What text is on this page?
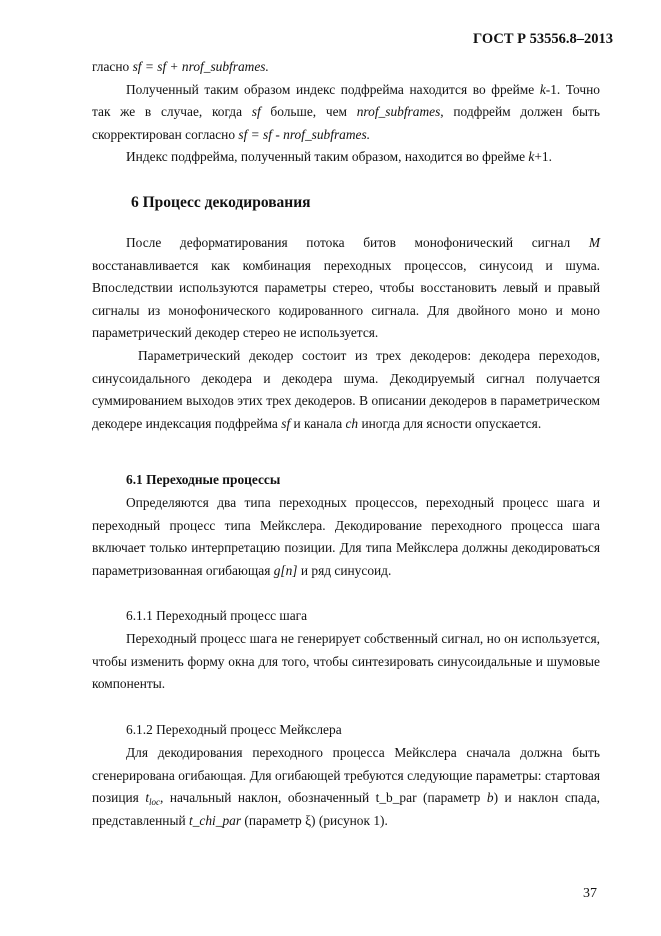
ГОСТ Р 53556.8–2013

гласно sf = sf + nrof_subframes.

Полученный таким образом индекс подфрейма находится во фрейме k-1. Точно так же в случае, когда sf больше, чем nrof_subframes, подфрейм должен быть скорректирован согласно sf = sf - nrof_subframes.

Индекс подфрейма, полученный таким образом, находится во фрейме k+1.

6 Процесс декодирования

После деформатирования потока битов монофонический сигнал M восстанавливается как комбинация переходных процессов, синусоид и шума. Впоследствии используются параметры стерео, чтобы восстановить левый и правый сигналы из монофонического кодированного сигнала. Для двойного моно и моно параметрический декодер стерео не используется.

Параметрический декодер состоит из трех декодеров: декодера переходов, синусоидального декодера и декодера шума. Декодируемый сигнал получается суммированием выходов этих трех декодеров. В описании декодеров в параметрическом декодере индексация подфрейма sf и канала ch иногда для ясности опускается.

6.1 Переходные процессы

Определяются два типа переходных процессов, переходный процесс шага и переходный процесс типа Мейкслера. Декодирование переходного процесса шага включает только интерпретацию позиции. Для типа Мейкслера должны декодироваться параметризованная огибающая g[n] и ряд синусоид.

6.1.1 Переходный процесс шага

Переходный процесс шага не генерирует собственный сигнал, но он используется, чтобы изменить форму окна для того, чтобы синтезировать синусоидальные и шумовые компоненты.

6.1.2 Переходный процесс Мейкслера

Для декодирования переходного процесса Мейкслера сначала должна быть сгенерирована огибающая. Для огибающей требуются следующие параметры: стартовая позиция $t_{loc}$, начальный наклон, обозначенный t_b_par (параметр b) и наклон спада, представленный t_chi_par (параметр ξ) (рисунок 1).

37
